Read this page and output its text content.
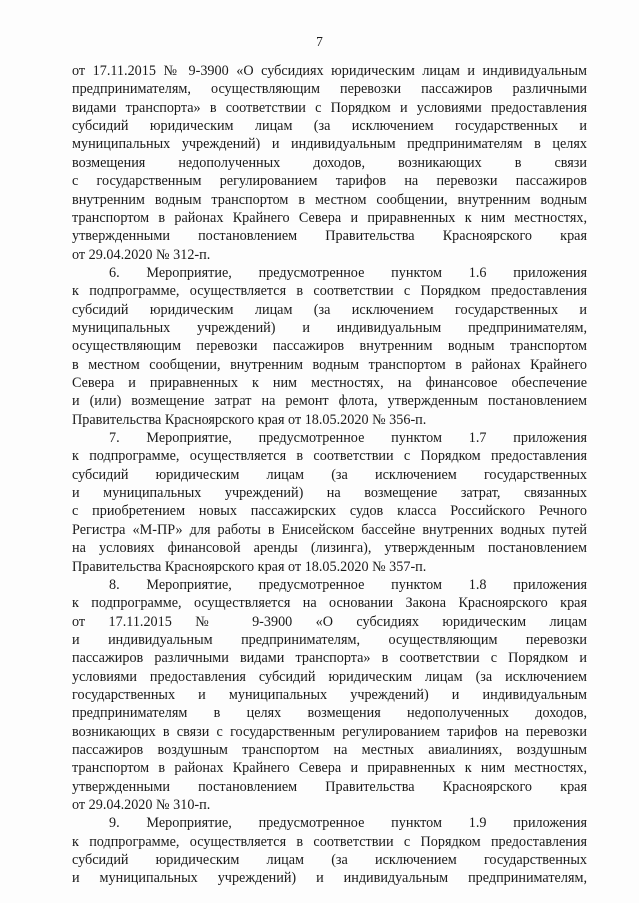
7
от 17.11.2015 № 9-3900 «О субсидиях юридическим лицам и индивидуальным
предпринимателям, осуществляющим перевозки пассажиров различными
видами транспорта» в соответствии с Порядком и условиями предоставления
субсидий юридическим лицам (за исключением государственных и
муниципальных учреждений) и индивидуальным предпринимателям в целях
возмещения недополученных доходов, возникающих в связи
с государственным регулированием тарифов на перевозки пассажиров
внутренним водным транспортом в местном сообщении, внутренним водным
транспортом в районах Крайнего Севера и приравненных к ним местностях,
утвержденными постановлением Правительства Красноярского края
от 29.04.2020 № 312-п.
6. Мероприятие, предусмотренное пунктом 1.6 приложения
к подпрограмме, осуществляется в соответствии с Порядком предоставления
субсидий юридическим лицам (за исключением государственных и
муниципальных учреждений) и индивидуальным предпринимателям,
осуществляющим перевозки пассажиров внутренним водным транспортом
в местном сообщении, внутренним водным транспортом в районах Крайнего
Севера и приравненных к ним местностях, на финансовое обеспечение
и (или) возмещение затрат на ремонт флота, утвержденным постановлением
Правительства Красноярского края от 18.05.2020 № 356-п.
7. Мероприятие, предусмотренное пунктом 1.7 приложения
к подпрограмме, осуществляется в соответствии с Порядком предоставления
субсидий юридическим лицам (за исключением государственных
и муниципальных учреждений) на возмещение затрат, связанных
с приобретением новых пассажирских судов класса Российского Речного
Регистра «М-ПР» для работы в Енисейском бассейне внутренних водных путей
на условиях финансовой аренды (лизинга), утвержденным постановлением
Правительства Красноярского края от 18.05.2020 № 357-п.
8. Мероприятие, предусмотренное пунктом 1.8 приложения
к подпрограмме, осуществляется на основании Закона Красноярского края
от 17.11.2015 № 9-3900 «О субсидиях юридическим лицам
и индивидуальным предпринимателям, осуществляющим перевозки
пассажиров различными видами транспорта» в соответствии с Порядком и
условиями предоставления субсидий юридическим лицам (за исключением
государственных и муниципальных учреждений) и индивидуальным
предпринимателям в целях возмещения недополученных доходов,
возникающих в связи с государственным регулированием тарифов на перевозки
пассажиров воздушным транспортом на местных авиалиниях, воздушным
транспортом в районах Крайнего Севера и приравненных к ним местностях,
утвержденными постановлением Правительства Красноярского края
от 29.04.2020 № 310-п.
9. Мероприятие, предусмотренное пунктом 1.9 приложения
к подпрограмме, осуществляется в соответствии с Порядком предоставления
субсидий юридическим лицам (за исключением государственных
и муниципальных учреждений) и индивидуальным предпринимателям,
